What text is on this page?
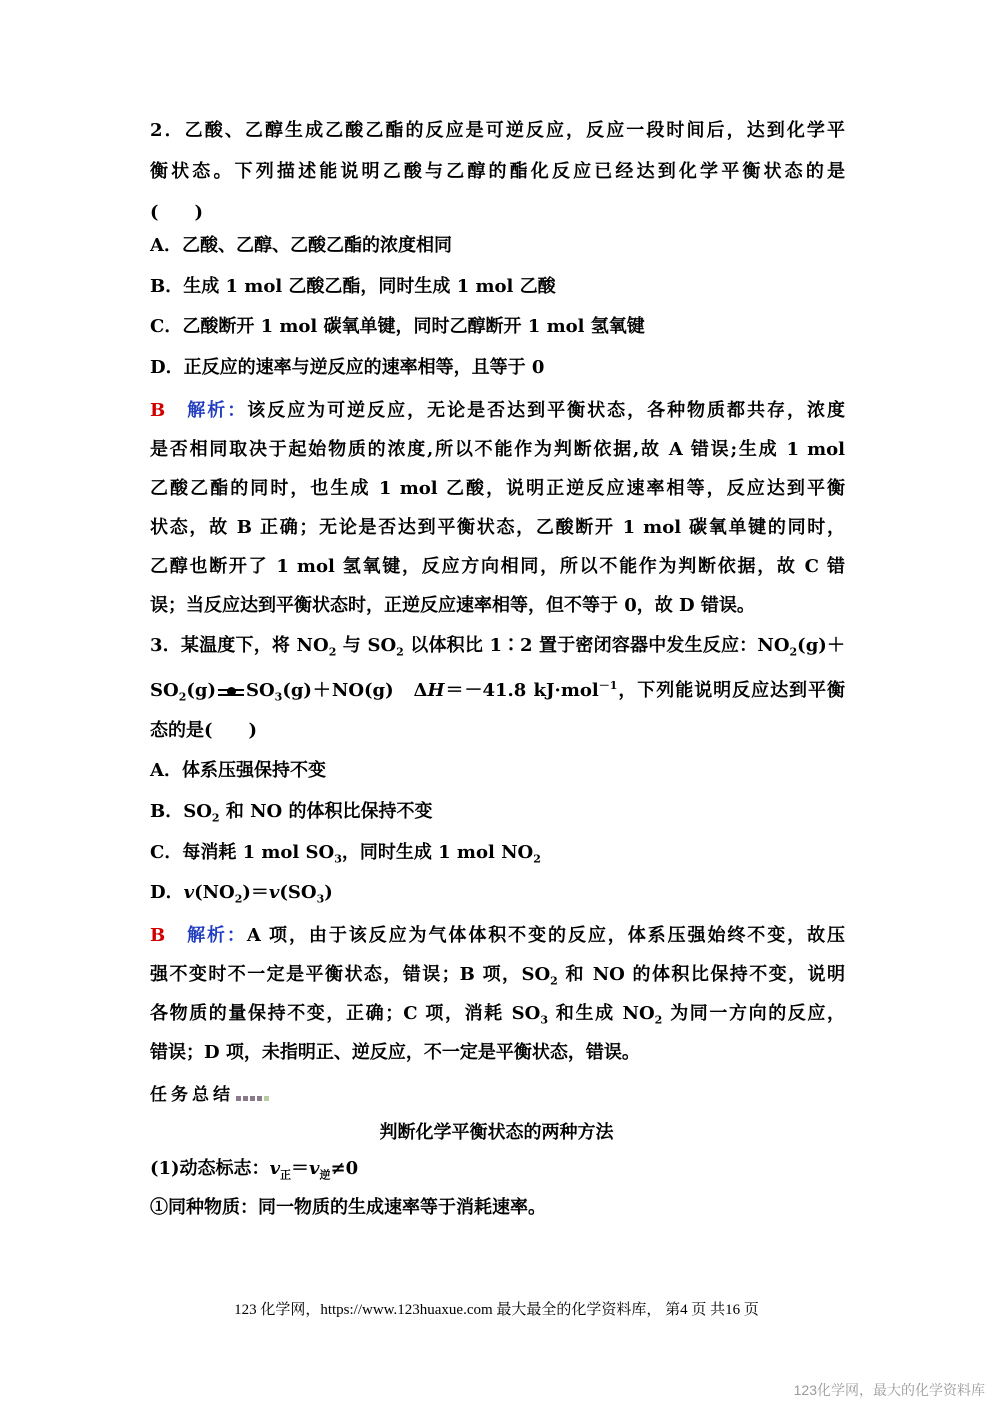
2．乙酸、乙醇生成乙酸乙酯的反应是可逆反应，反应一段时间后，达到化学平
衡状态。下列描述能说明乙酸与乙醇的酯化反应已经达到化学平衡状态的是
(　　)
A．乙酸、乙醇、乙酸乙酯的浓度相同
B．生成 1 mol 乙酸乙酯，同时生成 1 mol 乙酸
C．乙酸断开 1 mol 碳氧单键，同时乙醇断开 1 mol 氢氧键
D．正反应的速率与逆反应的速率相等，且等于 0
B　 解析：该反应为可逆反应，无论是否达到平衡状态，各种物质都共存，浓度
是否相同取决于起始物质的浓度,所以不能作为判断依据,故 A 错误;生成 1 mol
乙酸乙酯的同时，也生成 1 mol 乙酸，说明正逆反应速率相等，反应达到平衡
状态，故 B 正确；无论是否达到平衡状态，乙酸断开 1 mol 碳氧单键的同时，
乙醇也断开了 1 mol 氢氧键，反应方向相同，所以不能作为判断依据，故 C 错
误；当反应达到平衡状态时，正逆反应速率相等，但不等于 0，故 D 错误。
3．某温度下，将 $NO_2$ 与 $SO_2$ 以体积比 1∶2 置于密闭容器中发生反应：$NO_2(g)+$
$SO_2(g)$ ⇌ $SO_3(g)+NO(g)$　ΔH＝－41.8 kJ·mol$^{-1}$，下列能说明反应达到平衡
态的是(　　)
A．体系压强保持不变
B．$SO_2$ 和 NO 的体积比保持不变
C．每消耗 1 mol $SO_3$，同时生成 1 mol $NO_2$
D．$v(NO_2)=v(SO_3)$
B　 解析：A 项，由于该反应为气体体积不变的反应，体系压强始终不变，故压
强不变时不一定是平衡状态，错误；B 项，$SO_2$ 和 NO 的体积比保持不变，说明
各物质的量保持不变，正确；C 项，消耗 $SO_3$ 和生成 $NO_2$ 为同一方向的反应，
错误；D 项，未指明正、逆反应，不一定是平衡状态，错误。
任务总结
判断化学平衡状态的两种方法
(1)动态标志：$v_正=v_逆\ne 0$
①同种物质：同一物质的生成速率等于消耗速率。
123 化学网，https://www.123huaxue.com 最大最全的化学资料库， 第4 页 共16 页
123化学网，最大的化学资料库
